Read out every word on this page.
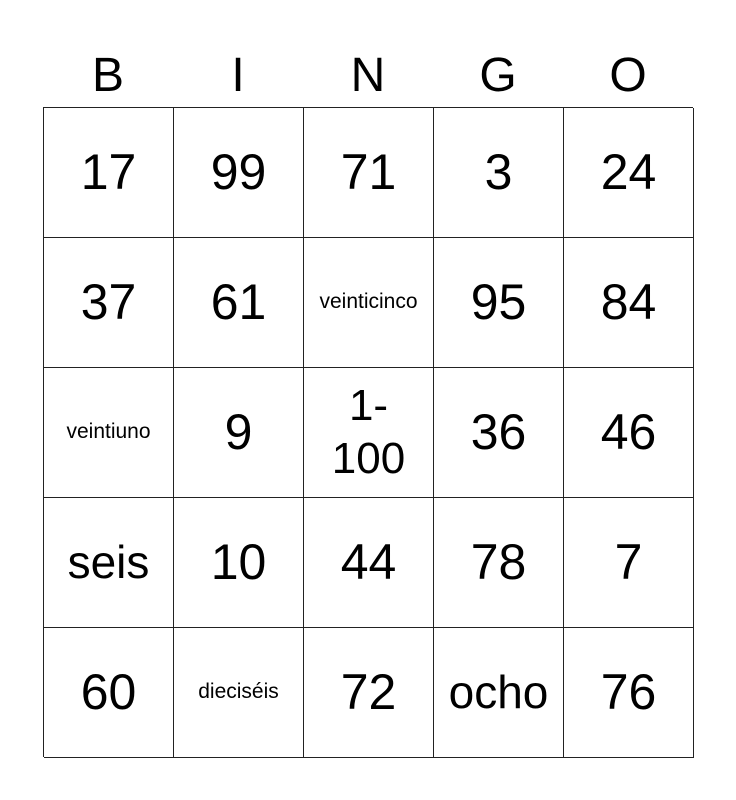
B	I	N	G	O
17	99	71	3	24
37	61	veinticinco	95	84
veintiuno	9	1-100	36	46
seis	10	44	78	7
60	dieciséis	72	ocho	76
